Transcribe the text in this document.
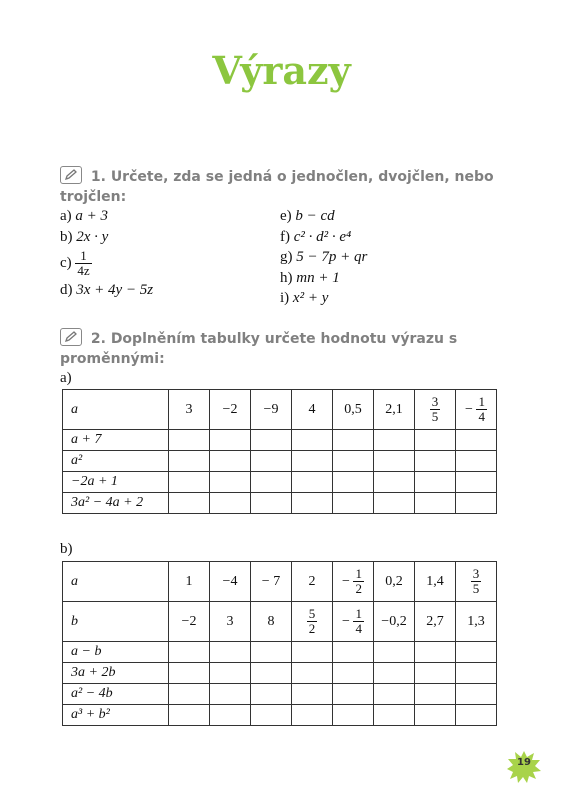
Výrazy
1. Určete, zda se jedná o jednočlen, dvojčlen, nebo trojčlen:
a) a + 3
b) 2x · y
$c) \frac{1}{4z}$
d) 3x + 4y − 5z
e) b − cd
f) c² · d² · e⁴
g) 5 − 7p + qr
h) mn + 1
i) x² + y
2. Doplněním tabulky určete hodnotu výrazu s proměnnými:
a)
a	3	−2	−9	4	0,5	2,1	$\frac{3}{5}$	− $\frac{1}{4}$

a + 7								
a²								
−2a + 1								
3a² − 4a + 2								
b)
a	1	−4	− 7	2	− $\frac{1}{2}$	0,2	1,4	$\frac{3}{5}$

b	−2	3	8	$\frac{5}{2}$	− $\frac{1}{4}$	−0,2	2,7	1,3
a − b								
3a + 2b								
a² − 4b								
a³ + b²								
19
